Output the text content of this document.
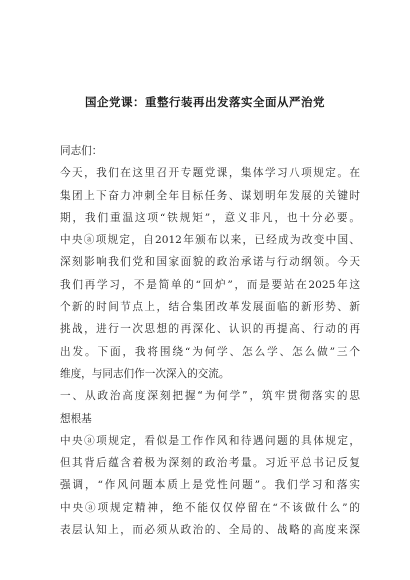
国企党课：重整行装再出发落实全面从严治党
同志们：
今天，我们在这里召开专题党课，集体学习八项规定。在
集团上下奋力冲刺全年目标任务、谋划明年发展的关键时
期，我们重温这项“铁规矩”，意义非凡，也十分必要。
中央ⓐ项规定，自2012年颁布以来，已经成为改变中国、
深刻影响我们党和国家面貌的政治承诺与行动纲领。今天
我们再学习，不是简单的“回炉”，而是要站在2025年这
个新的时间节点上，结合集团改革发展面临的新形势、新
挑战，进行一次思想的再深化、认识的再提高、行动的再
出发。下面，我将围绕“为何学、怎么学、怎么做”三个
维度，与同志们作一次深入的交流。
一、从政治高度深刻把握“为何学”，筑牢贯彻落实的思
想根基
中央ⓐ项规定，看似是工作作风和待遇问题的具体规定，
但其背后蕴含着极为深刻的政治考量。习近平总书记反复
强调，“作风问题本质上是党性问题”。我们学习和落实
中央ⓐ项规定精神，绝不能仅仅停留在“不该做什么”的
表层认知上，而必须从政治的、全局的、战略的高度来深
